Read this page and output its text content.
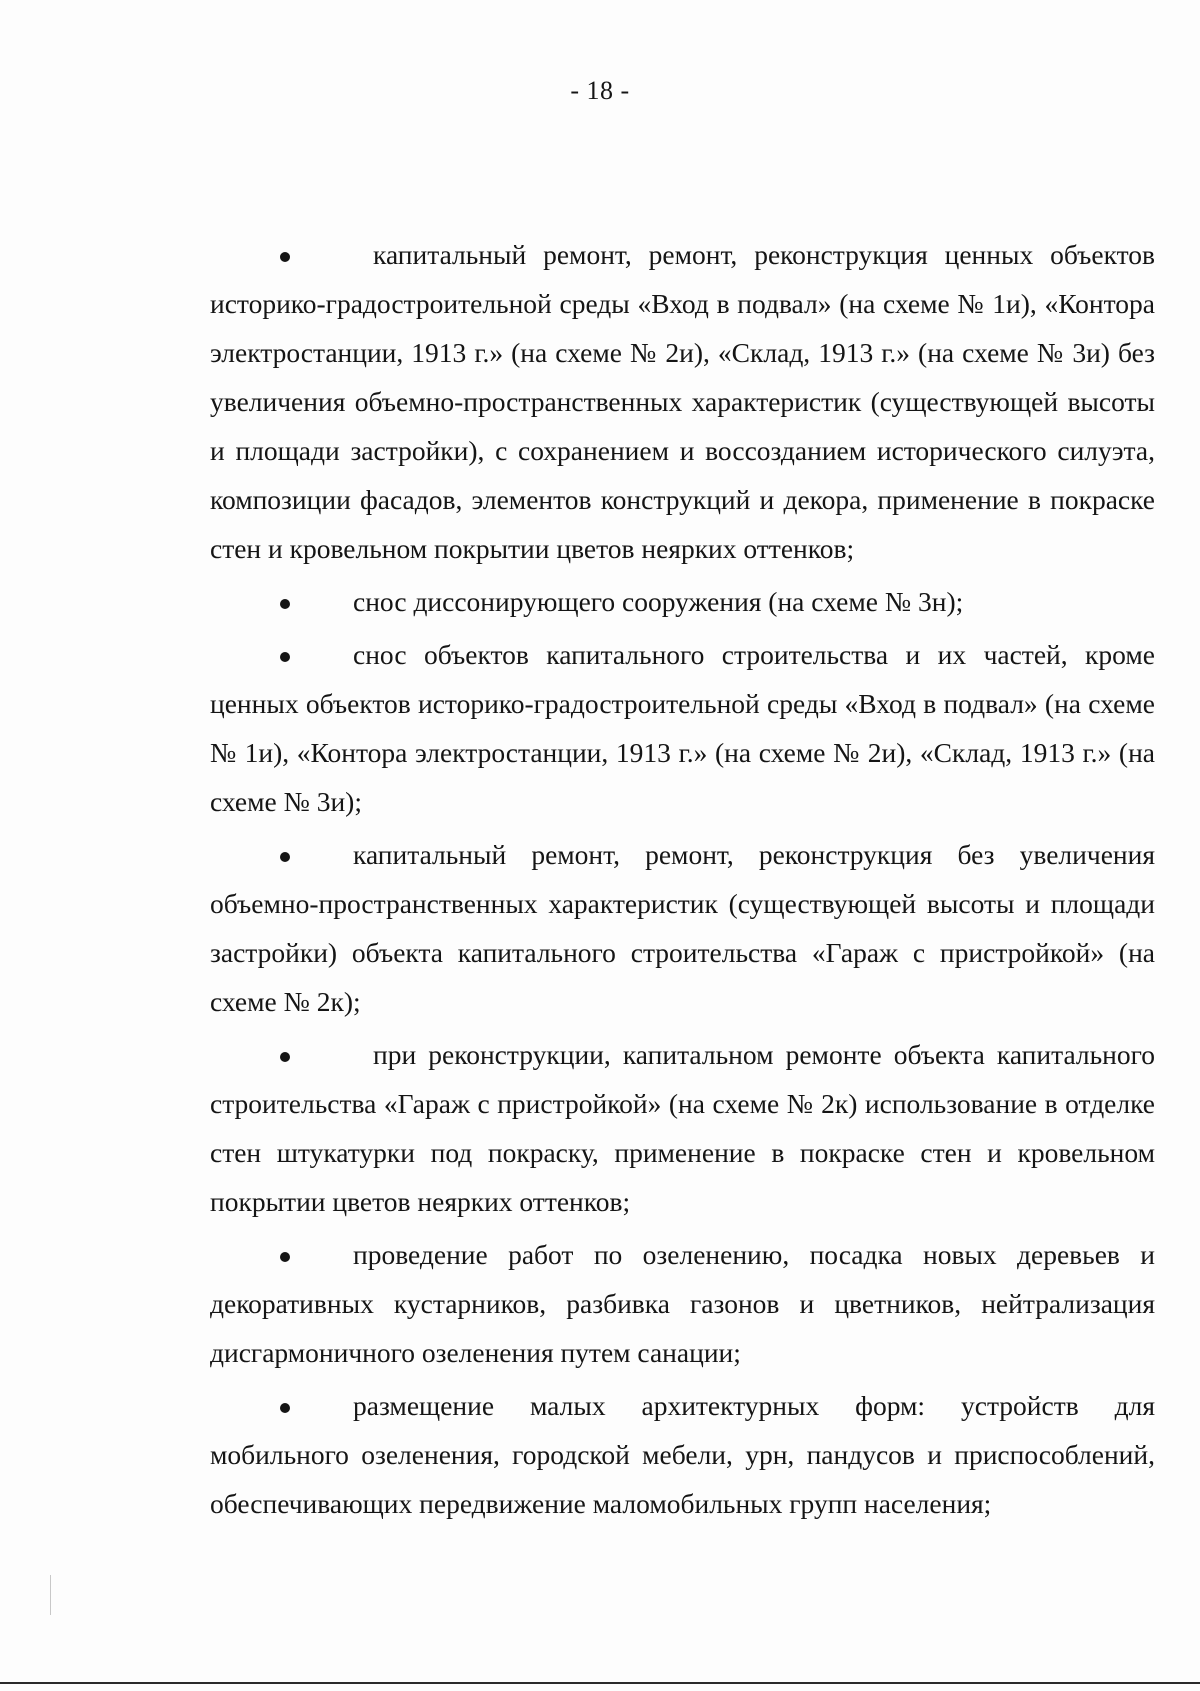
- 18 -

капитальный ремонт, ремонт, реконструкция ценных объектов историко-градостроительной среды «Вход в подвал» (на схеме № 1и), «Контора электростанции, 1913 г.» (на схеме № 2и), «Склад, 1913 г.» (на схеме № 3и) без увеличения объемно-пространственных характеристик (существующей высоты и площади застройки), с сохранением и воссозданием исторического силуэта, композиции фасадов, элементов конструкций и декора, применение в покраске стен и кровельном покрытии цветов неярких оттенков;

снос диссонирующего сооружения (на схеме № 3н);

снос объектов капитального строительства и их частей, кроме ценных объектов историко-градостроительной среды «Вход в подвал» (на схеме № 1и), «Контора электростанции, 1913 г.» (на схеме № 2и), «Склад, 1913 г.» (на схеме № 3и);

капитальный ремонт, ремонт, реконструкция без увеличения объемно-пространственных характеристик (существующей высоты и площади застройки) объекта капитального строительства «Гараж с пристройкой» (на схеме № 2к);

при реконструкции, капитальном ремонте объекта капитального строительства «Гараж с пристройкой» (на схеме № 2к) использование в отделке стен штукатурки под покраску, применение в покраске стен и кровельном покрытии цветов неярких оттенков;

проведение работ по озеленению, посадка новых деревьев и декоративных кустарников, разбивка газонов и цветников, нейтрализация дисгармоничного озеленения путем санации;

размещение малых архитектурных форм: устройств для мобильного озеленения, городской мебели, урн, пандусов и приспособлений, обеспечивающих передвижение маломобильных групп населения;
